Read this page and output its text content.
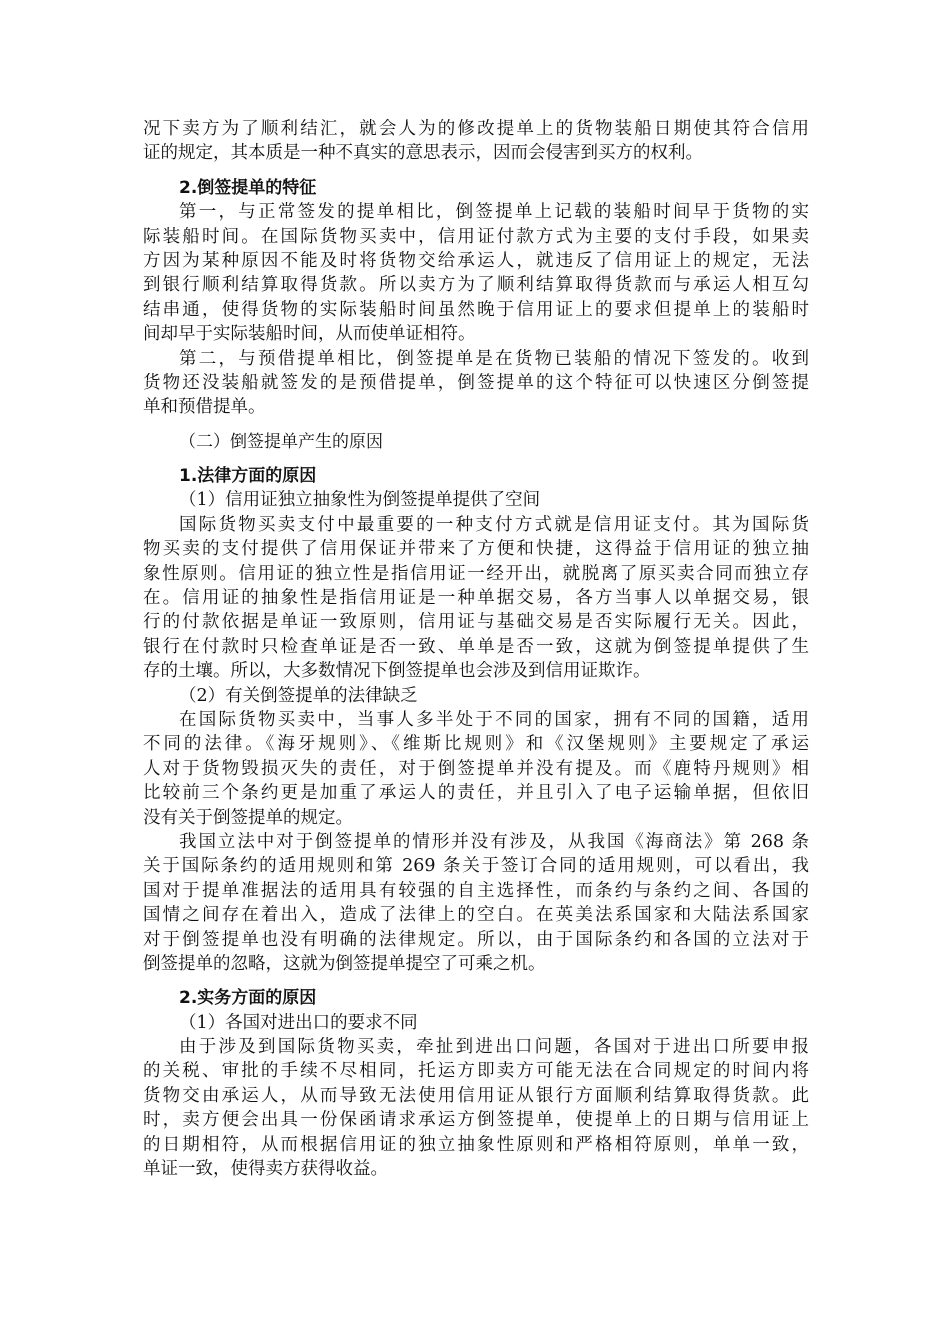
况下卖方为了顺利结汇，就会人为的修改提单上的货物装船日期使其符合信用
证的规定，其本质是一种不真实的意思表示，因而会侵害到买方的权利。
2.倒签提单的特征
第一，与正常签发的提单相比，倒签提单上记载的装船时间早于货物的实
际装船时间。在国际货物买卖中，信用证付款方式为主要的支付手段，如果卖
方因为某种原因不能及时将货物交给承运人，就违反了信用证上的规定，无法
到银行顺利结算取得货款。所以卖方为了顺利结算取得货款而与承运人相互勾
结串通，使得货物的实际装船时间虽然晚于信用证上的要求但提单上的装船时
间却早于实际装船时间，从而使单证相符。
第二，与预借提单相比，倒签提单是在货物已装船的情况下签发的。收到
货物还没装船就签发的是预借提单，倒签提单的这个特征可以快速区分倒签提
单和预借提单。
（二）倒签提单产生的原因
1.法律方面的原因
（1）信用证独立抽象性为倒签提单提供了空间
国际货物买卖支付中最重要的一种支付方式就是信用证支付。其为国际货
物买卖的支付提供了信用保证并带来了方便和快捷，这得益于信用证的独立抽
象性原则。信用证的独立性是指信用证一经开出，就脱离了原买卖合同而独立存
在。信用证的抽象性是指信用证是一种单据交易，各方当事人以单据交易，银
行的付款依据是单证一致原则，信用证与基础交易是否实际履行无关。因此，
银行在付款时只检查单证是否一致、单单是否一致，这就为倒签提单提供了生
存的土壤。所以，大多数情况下倒签提单也会涉及到信用证欺诈。
（2）有关倒签提单的法律缺乏
在国际货物买卖中，当事人多半处于不同的国家，拥有不同的国籍，适用
不同的法律。《海牙规则》、《维斯比规则》和《汉堡规则》主要规定了承运
人对于货物毁损灭失的责任，对于倒签提单并没有提及。而《鹿特丹规则》相
比较前三个条约更是加重了承运人的责任，并且引入了电子运输单据，但依旧
没有关于倒签提单的规定。
我国立法中对于倒签提单的情形并没有涉及，从我国《海商法》第 268 条
关于国际条约的适用规则和第 269 条关于签订合同的适用规则，可以看出，我
国对于提单准据法的适用具有较强的自主选择性，而条约与条约之间、各国的
国情之间存在着出入，造成了法律上的空白。在英美法系国家和大陆法系国家
对于倒签提单也没有明确的法律规定。所以，由于国际条约和各国的立法对于
倒签提单的忽略，这就为倒签提单提空了可乘之机。
2.实务方面的原因
（1）各国对进出口的要求不同
由于涉及到国际货物买卖，牵扯到进出口问题，各国对于进出口所要申报
的关税、审批的手续不尽相同，托运方即卖方可能无法在合同规定的时间内将
货物交由承运人，从而导致无法使用信用证从银行方面顺利结算取得货款。此
时，卖方便会出具一份保函请求承运方倒签提单，使提单上的日期与信用证上
的日期相符，从而根据信用证的独立抽象性原则和严格相符原则，单单一致，
单证一致，使得卖方获得收益。
